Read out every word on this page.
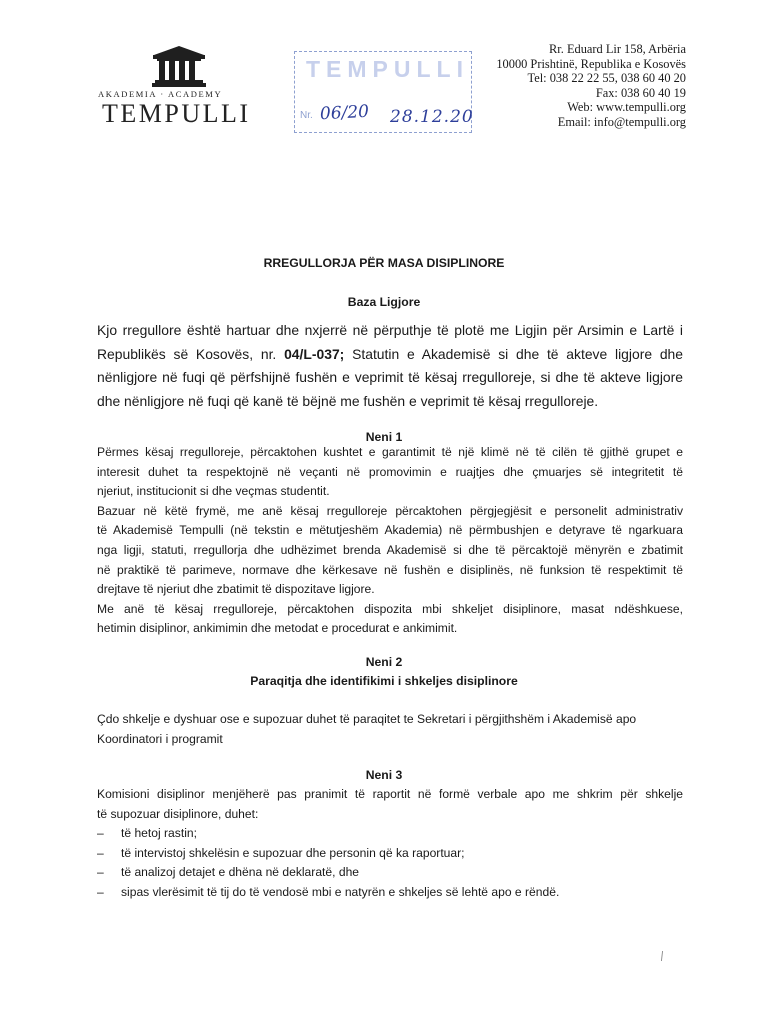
AKADEMIA · ACADEMY
TEMPULLI
TEMPULLI
Nr. 06/20 28.12.20
Rr. Eduard Lir 158, Arbëria
10000 Prishtinë, Republika e Kosovës
Tel: 038 22 22 55, 038 60 40 20
Fax: 038 60 40 19
Web: www.tempulli.org
Email: info@tempulli.org
RREGULLORJA PËR MASA DISIPLINORE
Baza Ligjore
Kjo rregullore është hartuar dhe nxjerrë në përputhje të plotë me Ligjin për Arsimin e Lartë i
Republikës së Kosovës, nr. 04/L-037; Statutin e Akademisë si dhe të akteve ligjore dhe
nënligjore në fuqi që përfshijnë fushën e veprimit të kësaj rregulloreje, si dhe të akteve ligjore
dhe nënligjore në fuqi që kanë të bëjnë me fushën e veprimit të kësaj rregulloreje.
Neni 1
Përmes kësaj rregulloreje, përcaktohen kushtet e garantimit të një klimë në të cilën të gjithë grupet e
interesit duhet ta respektojnë në veçanti në promovimin e ruajtjes dhe çmuarjes së integritetit të
njeriut, institucionit si dhe veçmas studentit.
Bazuar në këtë frymë, me anë kësaj rregulloreje përcaktohen përgjegjësit e personelit administrativ
të Akademisë Tempulli (në tekstin e mëtutjeshëm Akademia) në përmbushjen e detyrave të ngarkuara
nga ligji, statuti, rregullorja dhe udhëzimet brenda Akademisë si dhe të përcaktojë mënyrën e zbatimit
në praktikë të parimeve, normave dhe kërkesave në fushën e disiplinës, në funksion të respektimit të
drejtave të njeriut dhe zbatimit të dispozitave ligjore.
Me anë të kësaj rregulloreje, përcaktohen dispozita mbi shkeljet disiplinore, masat ndëshkuese,
hetimin disiplinor, ankimimin dhe metodat e procedurat e ankimimit.
Neni 2
Paraqitja dhe identifikimi i shkeljes disiplinore
Çdo shkelje e dyshuar ose e supozuar duhet të paraqitet te Sekretari i përgjithshëm i Akademisë apo
Koordinatori i programit
Neni 3
Komisioni disiplinor menjëherë pas pranimit të raportit në formë verbale apo me shkrim për shkelje
të supozuar disiplinore, duhet:
–	të hetoj rastin;
–	të intervistoj shkelësin e supozuar dhe personin që ka raportuar;
–	të analizoj detajet e dhëna në deklaratë, dhe
–	sipas vlerësimit të tij do të vendosë mbi e natyrën e shkeljes së lehtë apo e rëndë.
